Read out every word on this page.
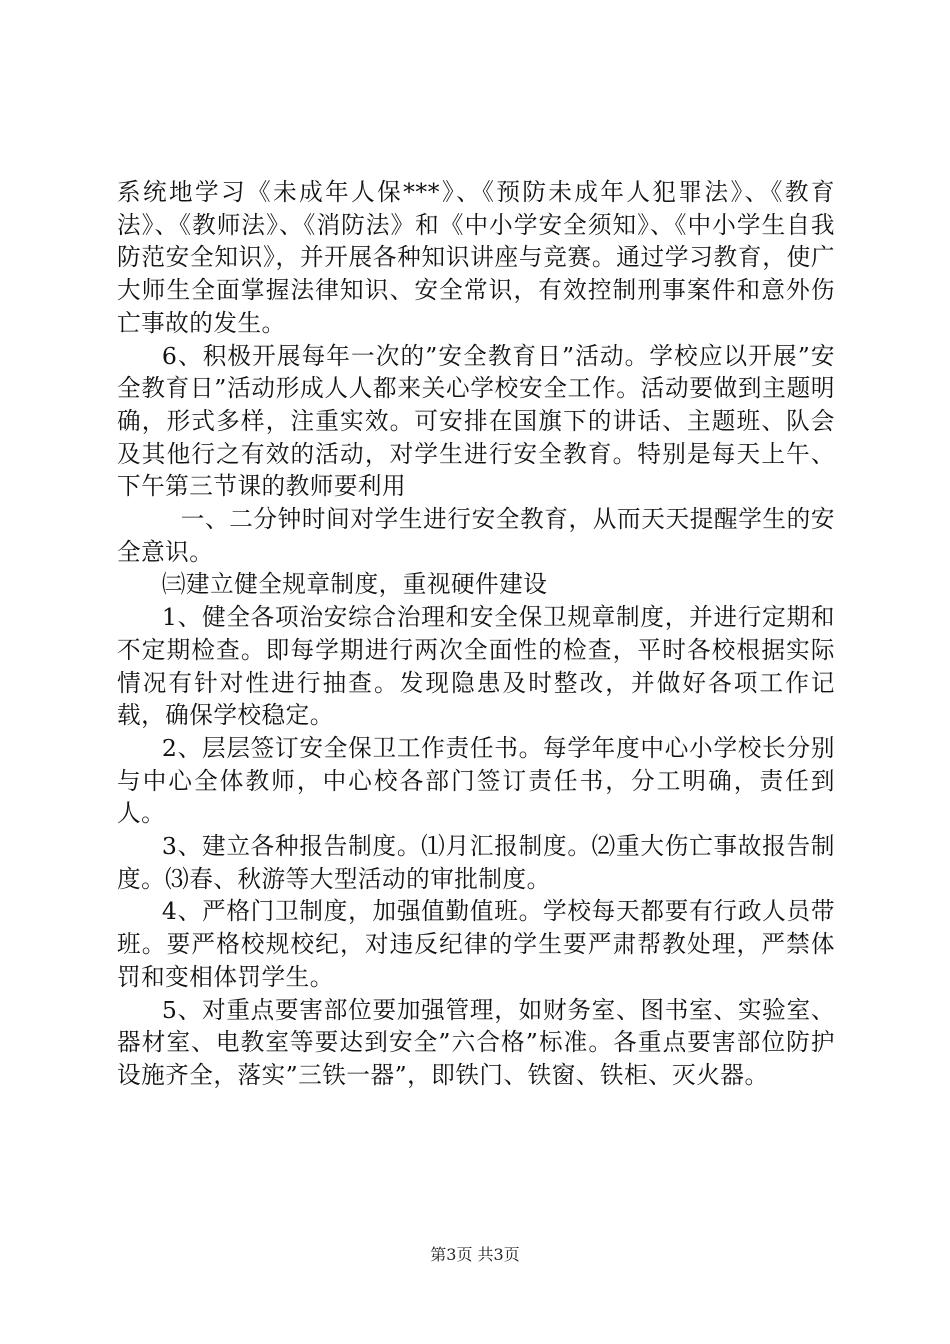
系统地学习《未成年人保***》、《预防未成年人犯罪法》、《教育法》、《教师法》、《消防法》和《中小学安全须知》、《中小学生自我防范安全知识》，并开展各种知识讲座与竞赛。通过学习教育，使广大师生全面掌握法律知识、安全常识，有效控制刑事案件和意外伤亡事故的发生。

6、积极开展每年一次的”安全教育日”活动。学校应以开展”安全教育日”活动形成人人都来关心学校安全工作。活动要做到主题明确，形式多样，注重实效。可安排在国旗下的讲话、主题班、队会及其他行之有效的活动，对学生进行安全教育。特别是每天上午、下午第三节课的教师要利用

一、二分钟时间对学生进行安全教育，从而天天提醒学生的安全意识。

㈢建立健全规章制度，重视硬件建设

1、健全各项治安综合治理和安全保卫规章制度，并进行定期和不定期检查。即每学期进行两次全面性的检查，平时各校根据实际情况有针对性进行抽查。发现隐患及时整改，并做好各项工作记载，确保学校稳定。

2、层层签订安全保卫工作责任书。每学年度中心小学校长分别与中心全体教师，中心校各部门签订责任书，分工明确，责任到人。

3、建立各种报告制度。⑴月汇报制度。⑵重大伤亡事故报告制度。⑶春、秋游等大型活动的审批制度。

4、严格门卫制度，加强值勤值班。学校每天都要有行政人员带班。要严格校规校纪，对违反纪律的学生要严肃帮教处理，严禁体罚和变相体罚学生。

5、对重点要害部位要加强管理，如财务室、图书室、实验室、器材室、电教室等要达到安全”六合格”标准。各重点要害部位防护设施齐全，落实”三铁一器”，即铁门、铁窗、铁柜、灭火器。

第3页 共3页
